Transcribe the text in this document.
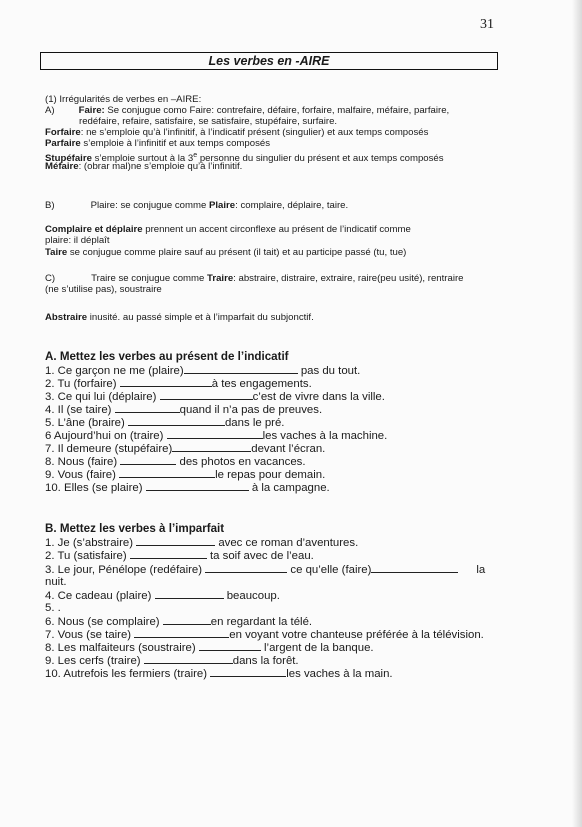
31
Les verbes en -AIRE
(1) Irrégularités de verbes en –AIRE:
A)	Faire: Se conjugue como Faire: contrefaire, défaire, forfaire, malfaire, méfaire, parfaire,
redéfaire, refaire, satisfaire, se satisfaire, stupéfaire, surfaire.
Forfaire: ne s’emploie qu’à l’infinitif, à l’indicatif présent (singulier) et aux temps composés
Parfaire s’emploie à l’infinitif et aux temps composés
Stupéfaire s’emploie surtout à la 3e personne du singulier du présent et aux temps composés
Méfaire: (obrar mal)ne s’emploie qu’à l’infinitif.
B)	Plaire: se conjugue comme Plaire: complaire, déplaire, taire.
Complaire et déplaire prennent un accent circonflexe au présent de l’indicatif comme
plaire: il déplaît
Taire se conjugue comme plaire sauf au présent (il tait) et au participe passé (tu, tue)
C)	Traire se conjugue comme Traire: abstraire, distraire, extraire, raire(peu usité), rentraire
(ne s’utilise pas), soustraire
Abstraire inusité. au passé simple et à l’imparfait du subjonctif.
A. Mettez les verbes au présent de l’indicatif
1. Ce garçon ne me (plaire)	pas du tout.
2. Tu (forfaire)	à tes engagements.
3. Ce qui lui (déplaire)	c’est de vivre dans la ville.
4. Il (se taire)	quand il n’a pas de preuves.
5. L’âne (braire)	dans le pré.
6 Aujourd’hui on (traire)	les vaches à la machine.
7. Il demeure (stupéfaire)	devant l’écran.
8. Nous (faire)	des photos en vacances.
9. Vous (faire)	le repas pour demain.
10. Elles (se plaire)	à la campagne.
B. Mettez les verbes à l’imparfait
1. Je (s’abstraire)	avec ce roman d’aventures.
2. Tu (satisfaire)	ta soif avec de l’eau.
3. Le jour, Pénélope (redéfaire)	ce qu’elle (faire)	la
nuit.
4. Ce cadeau (plaire)	beaucoup.
5. .
6. Nous (se complaire)	en regardant la télé.
7. Vous (se taire)	en voyant votre chanteuse préférée à la télévision.
8. Les malfaiteurs (soustraire)	l’argent de la banque.
9. Les cerfs (traire)	dans la forêt.
10. Autrefois les fermiers (traire)	les vaches à la main.
